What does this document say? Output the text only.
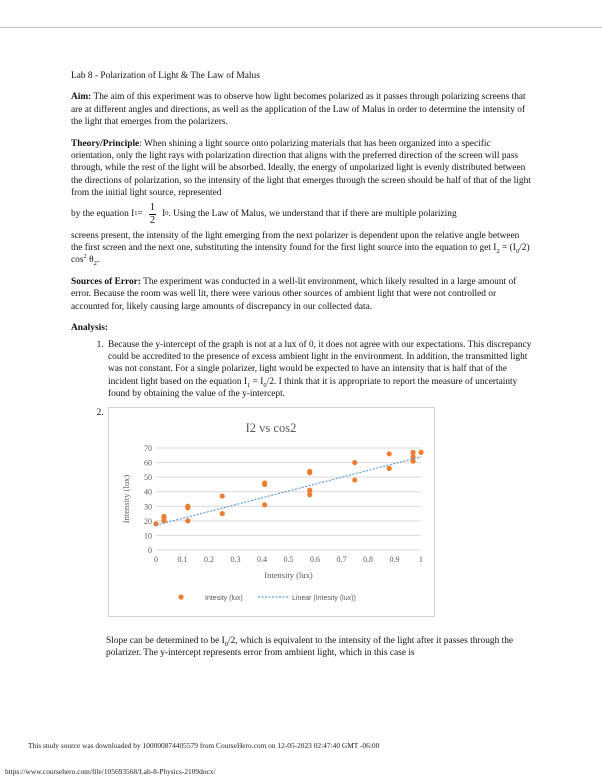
Lab 8 - Polarization of Light & The Law of Malus

Aim: The aim of this experiment was to observe how light becomes polarized as it passes through polarizing screens that are at different angles and directions, as well as the application of the Law of Malus in order to determine the intensity of the light that emerges from the polarizers.

Theory/Principle: When shining a light source onto polarizing materials that has been organized into a specific orientation, only the light rays with polarization direction that aligns with the preferred direction of the screen will pass through, while the rest of the light will be absorbed. Ideally, the energy of unpolarized light is evenly distributed between the directions of polarization, so the intensity of the light that emerges through the screen should be half of that of the light from the initial light source, represented
by the equation I $1 = \frac{1}{2}$ I 0 . Using the Law of Malus, we understand that if there are multiple polarizing

screens present, the intensity of the light emerging from the next polarizer is dependent upon the relative angle between the first screen and the next one, substituting the intensity found for the first light source into the equation to get $I_2 = (I_0/2)$ $\cos^2 \theta_2$.

Sources of Error: The experiment was conducted in a well-lit environment, which likely resulted in a large amount of error. Because the room was well lit, there were various other sources of ambient light that were not controlled or accounted for, likely causing large amounts of discrepancy in our collected data.

Analysis:
1. Because the y-intercept of the graph is not at a lux of 0, it does not agree with our expectations. This discrepancy could be accredited to the presence of excess ambient light in the environment. In addition, the transmitted light was not constant. For a single polarizer, light would be expected to have an intensity that is half that of the incident light based on the equation $I_1 = I_0/2$. I think that it is appropriate to report the measure of uncertainty found by obtaining the value of the y-intercept.
2. I2 vs cos2
0
10
20
30
40
50
60
70
0 0.1 0.2 0.3 0.4 0.5 0.6 0.7 0.8 0.9 1
Intensity (lux)
Intensity (lux)
Intesity (lux)	Linear (Intesity (lux))
Slope can be determined to be $I_0/2$, which is equivalent to the intensity of the light after it passes through the polarizer. The y-intercept represents error from ambient light, which in this case is
This study source was downloaded by 100000874405579 from CourseHero.com on 12-05-2023 02:47:40 GMT -06:00
https://www.coursehero.com/file/105693568/Lab-8-Physics-2109docx/
